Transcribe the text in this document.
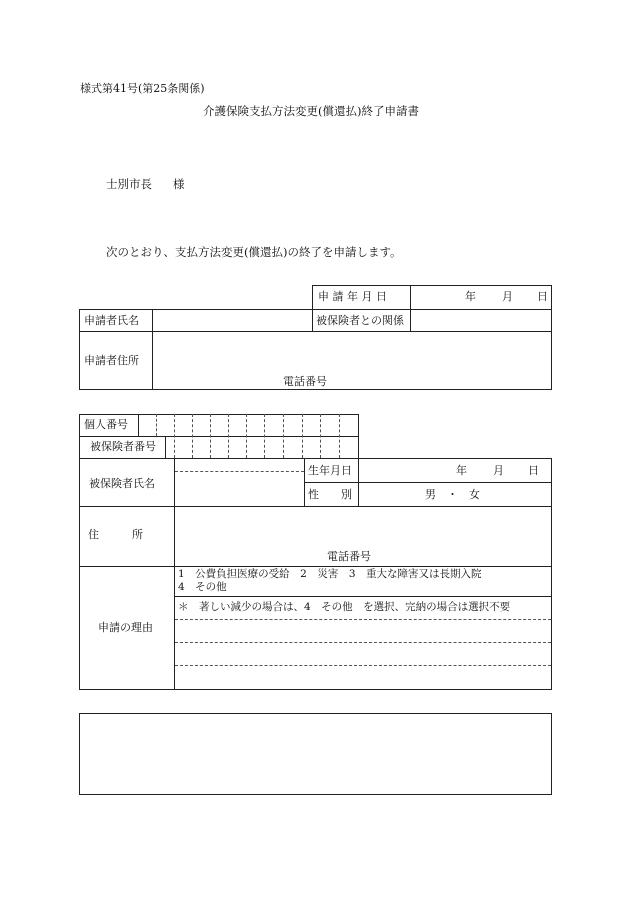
様式第41号(第25条関係)
介護保険支払方法変更(償還払)終了申請書
士別市長 様
次のとおり、支払方法変更(償還払)の終了を申請します。
申 請 年 月 日	年 月 日
申請者氏名	被保険者との関係
申請者住所
電話番号
個人番号
被保険者番号
被保険者氏名
生年月日	年 月 日
性　　別	男　・　女
住　　　所
電話番号
申請の理由
1　公費負担医療の受給　2　災害　3　重大な障害又は長期入院
4　その他
＊　著しい減少の場合は、4　その他　を選択、完納の場合は選択不要
